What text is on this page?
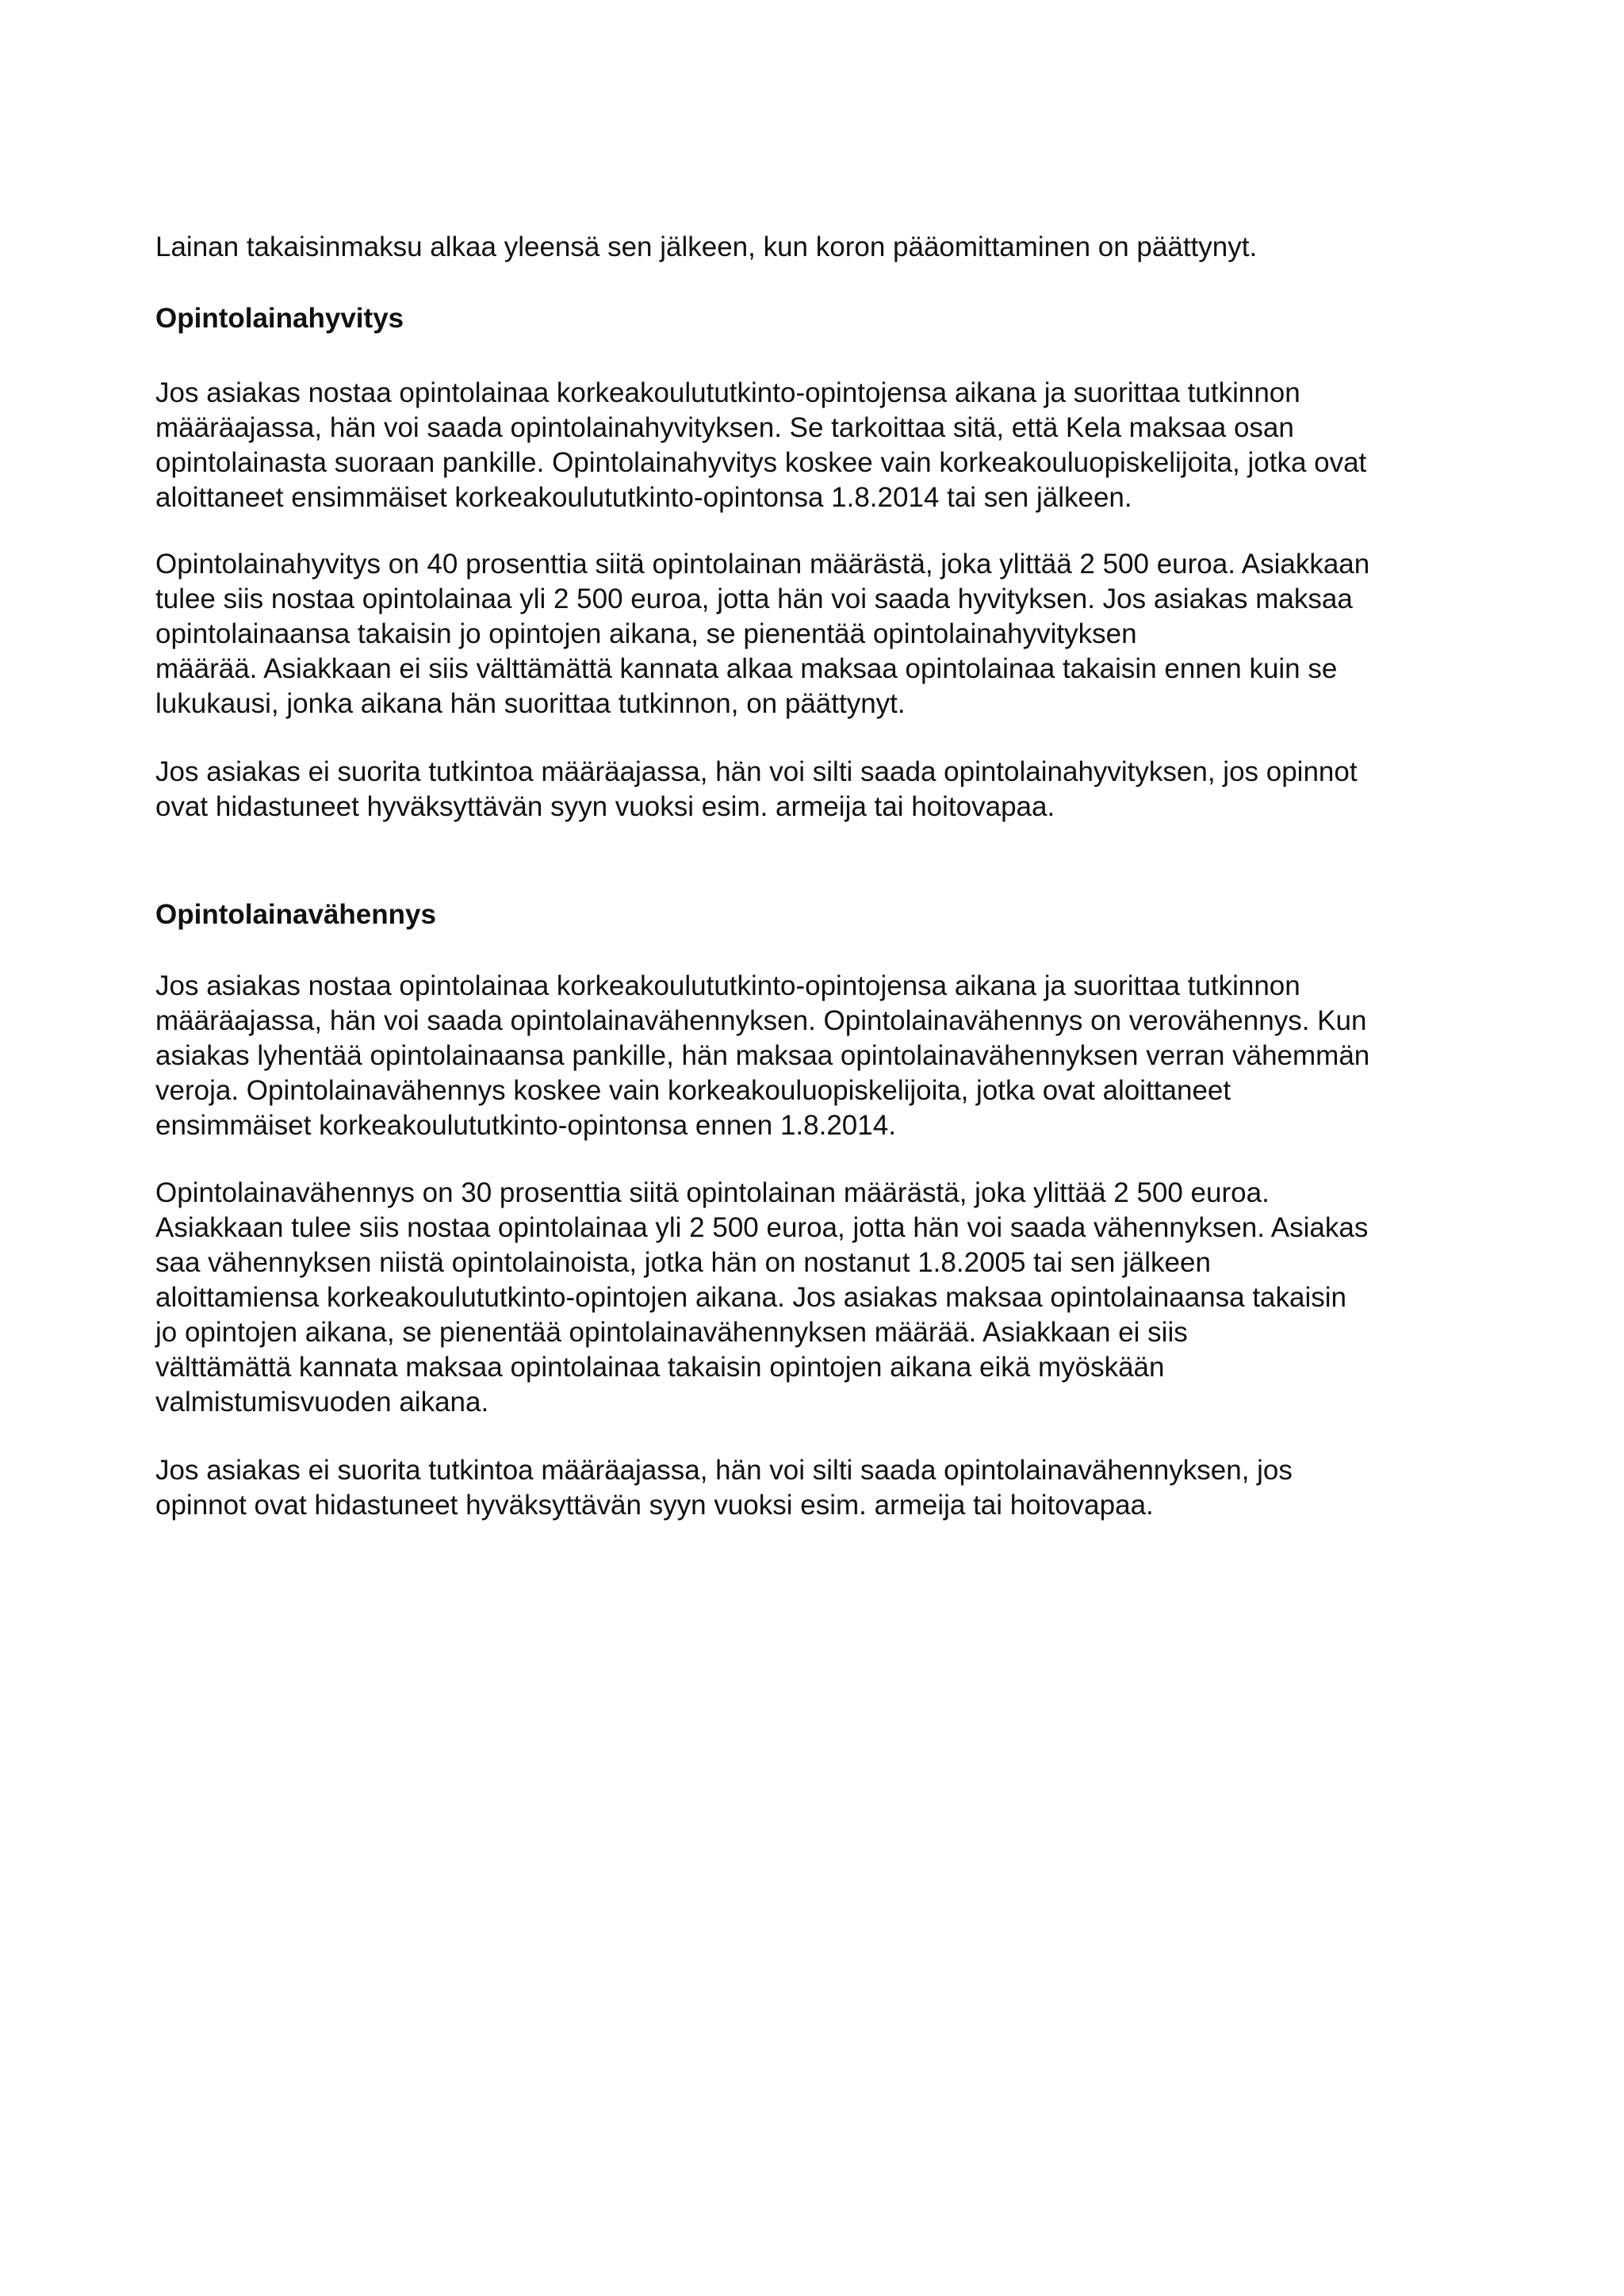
Lainan takaisinmaksu alkaa yleensä sen jälkeen, kun koron pääomittaminen on päättynyt.

Opintolainahyvitys

Jos asiakas nostaa opintolainaa korkeakoulututkinto-opintojensa aikana ja suorittaa tutkinnon
määräajassa, hän voi saada opintolainahyvityksen. Se tarkoittaa sitä, että Kela maksaa osan
opintolainasta suoraan pankille. Opintolainahyvitys koskee vain korkeakouluopiskelijoita, jotka ovat
aloittaneet ensimmäiset korkeakoulututkinto-opintonsa 1.8.2014 tai sen jälkeen.

Opintolainahyvitys on 40 prosenttia siitä opintolainan määrästä, joka ylittää 2 500 euroa. Asiakkaan
tulee siis nostaa opintolainaa yli 2 500 euroa, jotta hän voi saada hyvityksen. Jos asiakas maksaa
opintolainaansa takaisin jo opintojen aikana, se pienentää opintolainahyvityksen
määrää. Asiakkaan ei siis välttämättä kannata alkaa maksaa opintolainaa takaisin ennen kuin se
lukukausi, jonka aikana hän suorittaa tutkinnon, on päättynyt.

Jos asiakas ei suorita tutkintoa määräajassa, hän voi silti saada opintolainahyvityksen, jos opinnot
ovat hidastuneet hyväksyttävän syyn vuoksi esim. armeija tai hoitovapaa.

Opintolainavähennys

Jos asiakas nostaa opintolainaa korkeakoulututkinto-opintojensa aikana ja suorittaa tutkinnon
määräajassa, hän voi saada opintolainavähennyksen. Opintolainavähennys on verovähennys. Kun
asiakas lyhentää opintolainaansa pankille, hän maksaa opintolainavähennyksen verran vähemmän
veroja. Opintolainavähennys koskee vain korkeakouluopiskelijoita, jotka ovat aloittaneet
ensimmäiset korkeakoulututkinto-opintonsa ennen 1.8.2014.

Opintolainavähennys on 30 prosenttia siitä opintolainan määrästä, joka ylittää 2 500 euroa.
Asiakkaan tulee siis nostaa opintolainaa yli 2 500 euroa, jotta hän voi saada vähennyksen. Asiakas
saa vähennyksen niistä opintolainoista, jotka hän on nostanut 1.8.2005 tai sen jälkeen
aloittamiensa korkeakoulututkinto-opintojen aikana. Jos asiakas maksaa opintolainaansa takaisin
jo opintojen aikana, se pienentää opintolainavähennyksen määrää. Asiakkaan ei siis
välttämättä kannata maksaa opintolainaa takaisin opintojen aikana eikä myöskään
valmistumisvuoden aikana.

Jos asiakas ei suorita tutkintoa määräajassa, hän voi silti saada opintolainavähennyksen, jos
opinnot ovat hidastuneet hyväksyttävän syyn vuoksi esim. armeija tai hoitovapaa.
